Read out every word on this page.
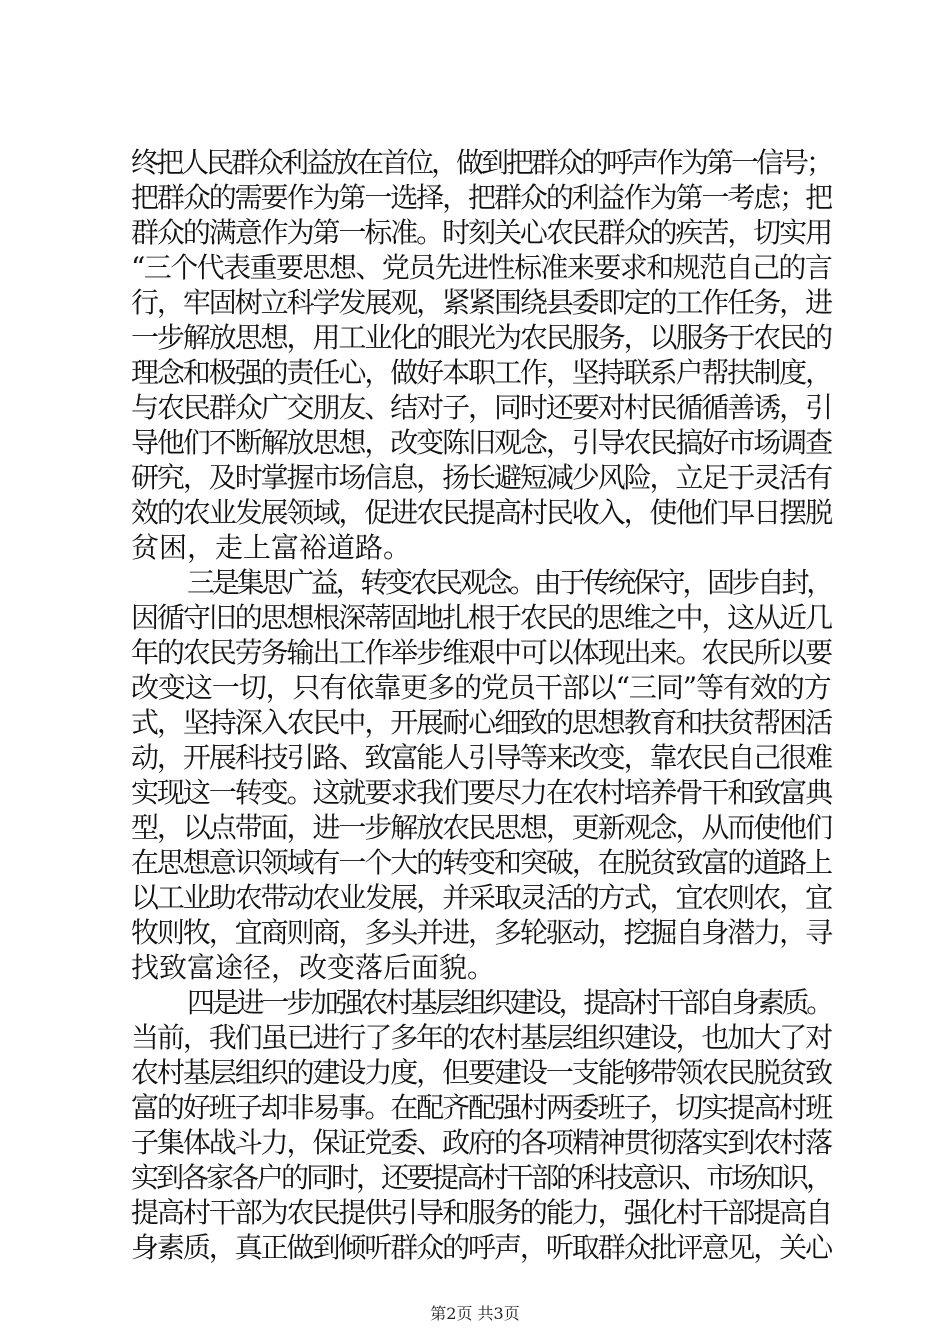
终把人民群众利益放在首位，做到把群众的呼声作为第一信号；
把群众的需要作为第一选择，把群众的利益作为第一考虑；把
群众的满意作为第一标准。时刻关心农民群众的疾苦，切实用
“三个代表重要思想、党员先进性标准来要求和规范自己的言
行，牢固树立科学发展观，紧紧围绕县委即定的工作任务，进
一步解放思想，用工业化的眼光为农民服务，以服务于农民的
理念和极强的责任心，做好本职工作，坚持联系户帮扶制度，
与农民群众广交朋友、结对子，同时还要对村民循循善诱，引
导他们不断解放思想，改变陈旧观念，引导农民搞好市场调查
研究，及时掌握市场信息，扬长避短减少风险，立足于灵活有
效的农业发展领域，促进农民提高村民收入，使他们早日摆脱
贫困，走上富裕道路。
三是集思广益，转变农民观念。由于传统保守，固步自封，
因循守旧的思想根深蒂固地扎根于农民的思维之中，这从近几
年的农民劳务输出工作举步维艰中可以体现出来。农民所以要
改变这一切，只有依靠更多的党员干部以“三同”等有效的方
式，坚持深入农民中，开展耐心细致的思想教育和扶贫帮困活
动，开展科技引路、致富能人引导等来改变，靠农民自己很难
实现这一转变。这就要求我们要尽力在农村培养骨干和致富典
型，以点带面，进一步解放农民思想，更新观念，从而使他们
在思想意识领域有一个大的转变和突破，在脱贫致富的道路上
以工业助农带动农业发展，并采取灵活的方式，宜农则农，宜
牧则牧，宜商则商，多头并进，多轮驱动，挖掘自身潜力，寻
找致富途径，改变落后面貌。
四是进一步加强农村基层组织建设，提高村干部自身素质。
当前，我们虽已进行了多年的农村基层组织建设，也加大了对
农村基层组织的建设力度，但要建设一支能够带领农民脱贫致
富的好班子却非易事。在配齐配强村两委班子，切实提高村班
子集体战斗力，保证党委、政府的各项精神贯彻落实到农村落
实到各家各户的同时，还要提高村干部的科技意识、市场知识，
提高村干部为农民提供引导和服务的能力，强化村干部提高自
身素质，真正做到倾听群众的呼声，听取群众批评意见，关心
第2页 共3页
